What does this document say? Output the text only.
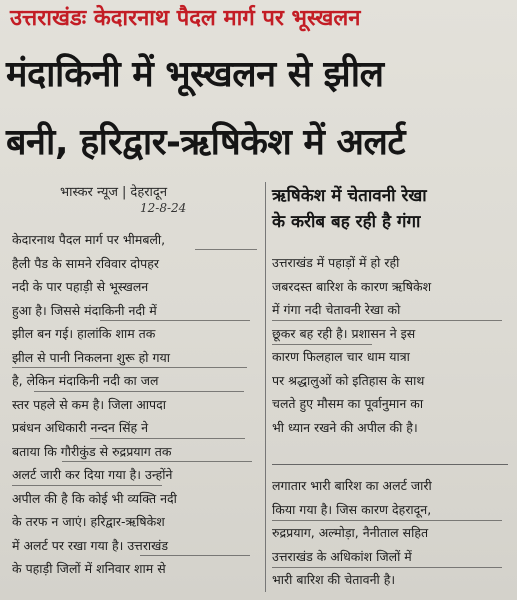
उत्तराखंडः केदारनाथ पैदल मार्ग पर भूस्खलन
मंदाकिनी में भूस्खलन से झील
बनी, हरिद्वार-ऋषिकेश में अलर्ट
भास्कर न्यूज | देहरादून
12-8-24
केदारनाथ पैदल मार्ग पर भीमबली,
हैली पैड के सामने रविवार दोपहर
नदी के पार पहाड़ी से भूस्खलन
हुआ है। जिससे मंदाकिनी नदी में
झील बन गई। हालांकि शाम तक
झील से पानी निकलना शुरू हो गया
है, लेकिन मंदाकिनी नदी का जल
स्तर पहले से कम है। जिला आपदा
प्रबंधन अधिकारी नन्दन सिंह ने
बताया कि गौरीकुंड से रुद्रप्रयाग तक
अलर्ट जारी कर दिया गया है। उन्होंने
अपील की है कि कोई भी व्यक्ति नदी
के तरफ न जाएं। हरिद्वार-ऋषिकेश
में अलर्ट पर रखा गया है। उत्तराखंड
के पहाड़ी जिलों में शनिवार शाम से
ऋषिकेश में चेतावनी रेखा
के करीब बह रही है गंगा
उत्तराखंड में पहाड़ों में हो रही
जबरदस्त बारिश के कारण ऋषिकेश
में गंगा नदी चेतावनी रेखा को
छूकर बह रही है। प्रशासन ने इस
कारण फिलहाल चार धाम यात्रा
पर श्रद्धालुओं को इतिहास के साथ
चलते हुए मौसम का पूर्वानुमान का
भी ध्यान रखने की अपील की है।
लगातार भारी बारिश का अलर्ट जारी
किया गया है। जिस कारण देहरादून,
रुद्रप्रयाग, अल्मोड़ा, नैनीताल सहित
उत्तराखंड के अधिकांश जिलों में
भारी बारिश की चेतावनी है।
